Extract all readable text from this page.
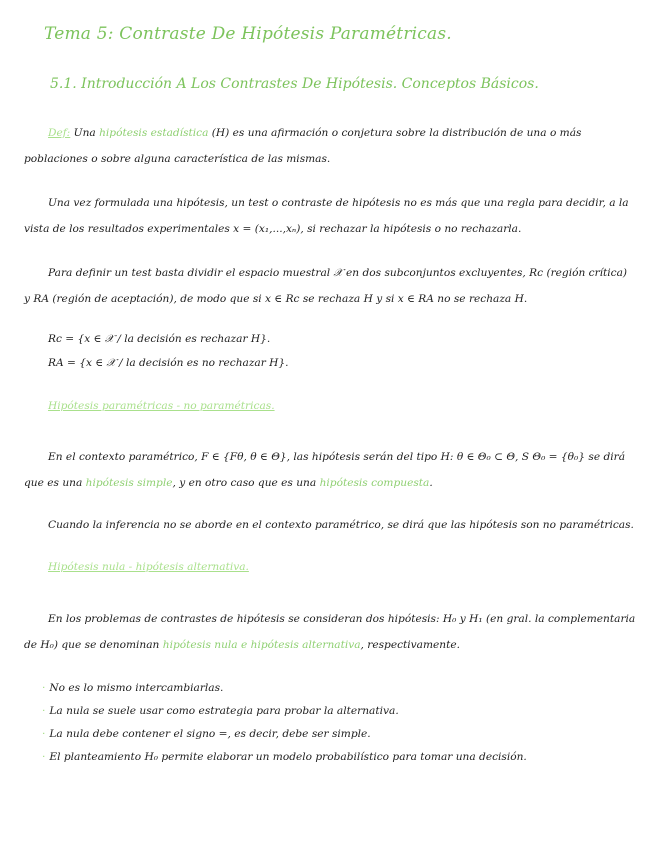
Tema 5: Contraste De Hipótesis Paramétricas.
5.1. Introducción A Los Contrastes De Hipótesis. Conceptos Básicos.
Def: Una hipótesis estadística (H) es una afirmación o conjetura sobre la distribución de una o más poblaciones o sobre alguna característica de las mismas.
Una vez formulada una hipótesis, un test o contraste de hipótesis no es más que una regla para decidir, a la vista de los resultados experimentales x = (x₁,...,xₙ), si rechazar la hipótesis o no rechazarla.
Para definir un test basta dividir el espacio muestral 𝒳 en dos subconjuntos excluyentes, Rc (región crítica) y RA (región de aceptación), de modo que si x ∈ Rc se rechaza H y si x ∈ RA no se rechaza H.
Rc = {x ∈ 𝒳 / la decisión es rechazar H}.
RA = {x ∈ 𝒳 / la decisión es no rechazar H}.
Hipótesis paramétricas - no paramétricas.
En el contexto paramétrico, F ∈ {Fθ, θ ∈ Θ}, las hipótesis serán del tipo H: θ ∈ Θ₀ ⊂ Θ, S Θ₀ = {θ₀} se dirá que es una hipótesis simple, y en otro caso que es una hipótesis compuesta.
Cuando la inferencia no se aborde en el contexto paramétrico, se dirá que las hipótesis son no paramétricas.
Hipótesis nula - hipótesis alternativa.
En los problemas de contrastes de hipótesis se consideran dos hipótesis: H₀ y H₁ (en gral. la complementaria de H₀) que se denominan hipótesis nula e hipótesis alternativa, respectivamente.
· No es lo mismo intercambiarlas.
· La nula se suele usar como estrategia para probar la alternativa.
· La nula debe contener el signo =, es decir, debe ser simple.
· El planteamiento H₀ permite elaborar un modelo probabilístico para tomar una decisión.
